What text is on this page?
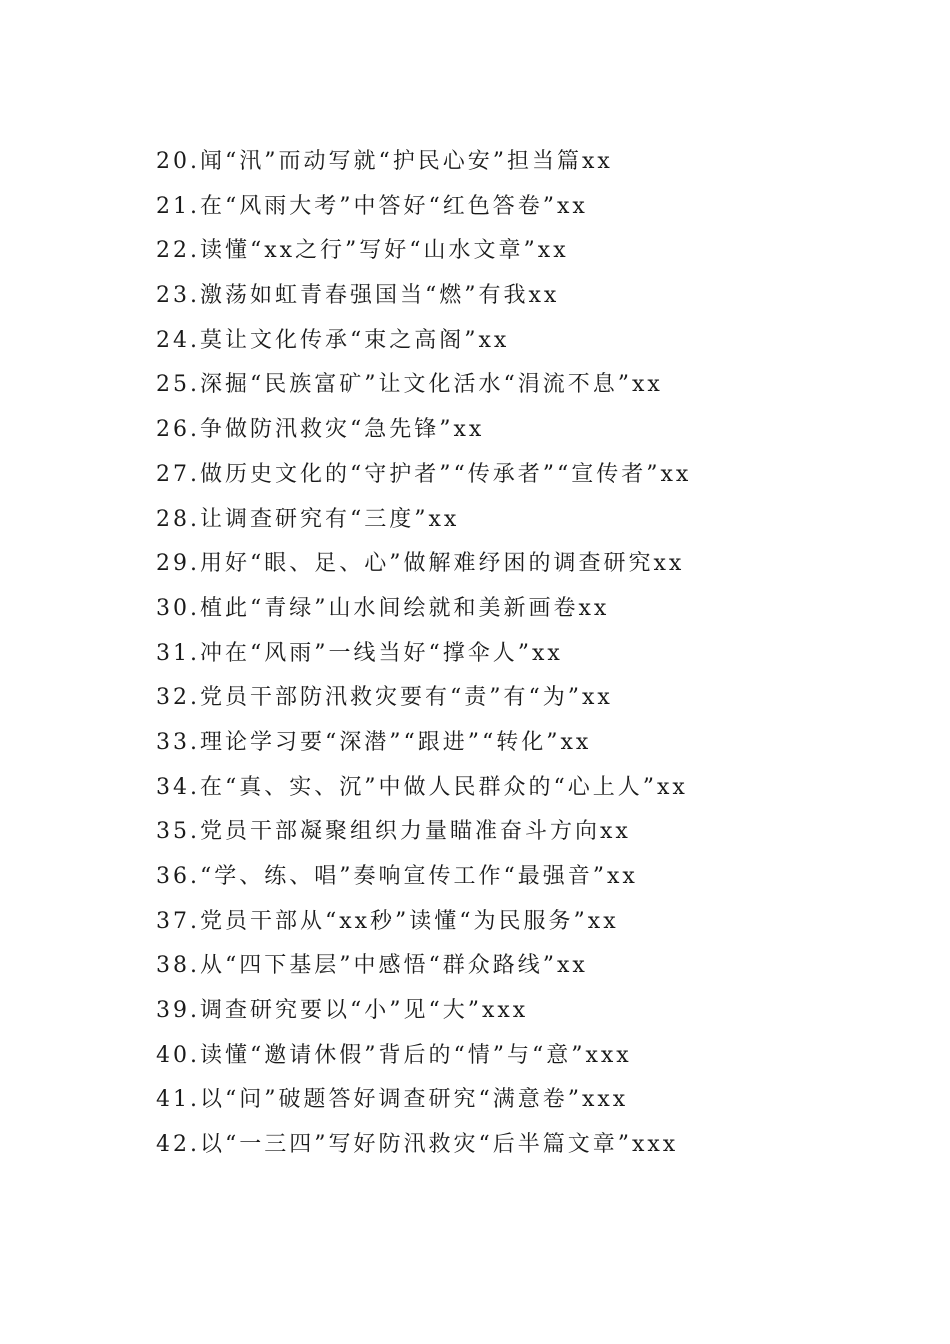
20.闻“汛”而动写就“护民心安”担当篇xx
21.在“风雨大考”中答好“红色答卷”xx
22.读懂“xx之行”写好“山水文章”xx
23.激荡如虹青春强国当“燃”有我xx
24.莫让文化传承“束之高阁”xx
25.深掘“民族富矿”让文化活水“涓流不息”xx
26.争做防汛救灾“急先锋”xx
27.做历史文化的“守护者”“传承者”“宣传者”xx
28.让调查研究有“三度”xx
29.用好“眼、足、心”做解难纾困的调查研究xx
30.植此“青绿”山水间绘就和美新画卷xx
31.冲在“风雨”一线当好“撑伞人”xx
32.党员干部防汛救灾要有“责”有“为”xx
33.理论学习要“深潜”“跟进”“转化”xx
34.在“真、实、沉”中做人民群众的“心上人”xx
35.党员干部凝聚组织力量瞄准奋斗方向xx
36.“学、练、唱”奏响宣传工作“最强音”xx
37.党员干部从“xx秒”读懂“为民服务”xx
38.从“四下基层”中感悟“群众路线”xx
39.调查研究要以“小”见“大”xxx
40.读懂“邀请休假”背后的“情”与“意”xxx
41.以“问”破题答好调查研究“满意卷”xxx
42.以“一三四”写好防汛救灾“后半篇文章”xxx
